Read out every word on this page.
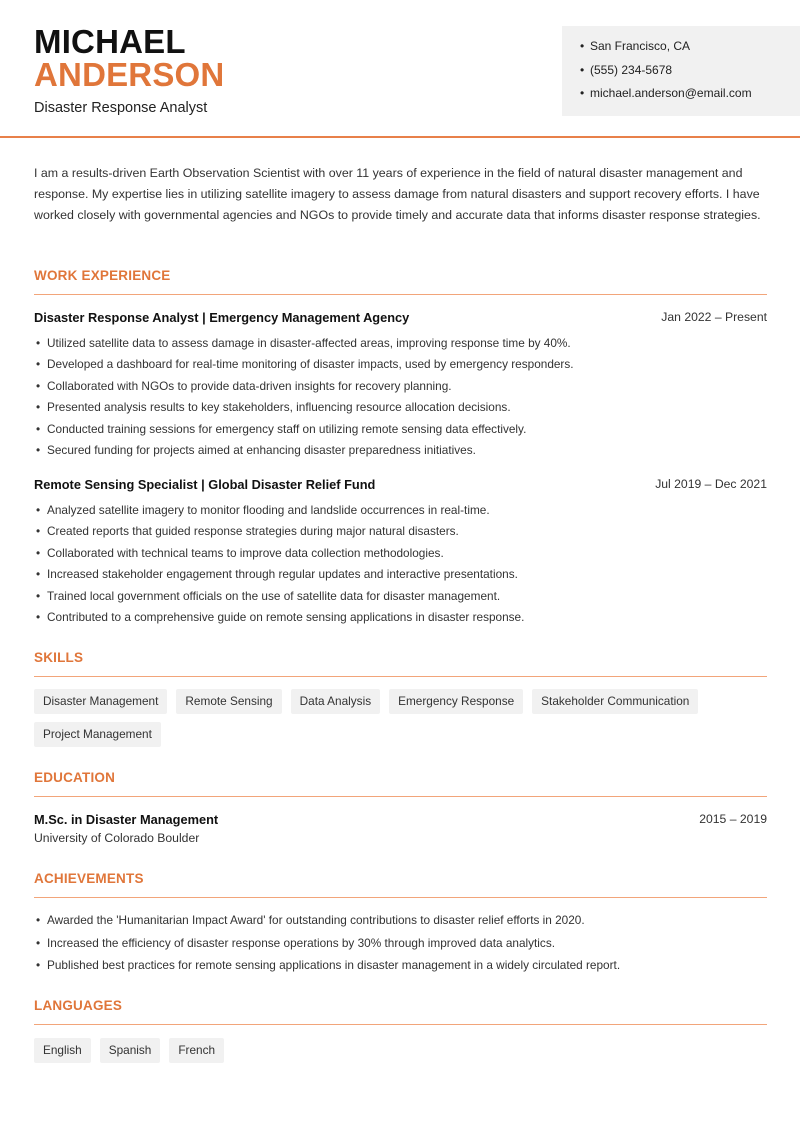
MICHAEL
ANDERSON
Disaster Response Analyst
• San Francisco, CA
• (555) 234-5678
• michael.anderson@email.com
I am a results-driven Earth Observation Scientist with over 11 years of experience in the field of natural disaster management and response. My expertise lies in utilizing satellite imagery to assess damage from natural disasters and support recovery efforts. I have worked closely with governmental agencies and NGOs to provide timely and accurate data that informs disaster response strategies.
WORK EXPERIENCE
Disaster Response Analyst | Emergency Management Agency	Jan 2022 – Present
• Utilized satellite data to assess damage in disaster-affected areas, improving response time by 40%.
• Developed a dashboard for real-time monitoring of disaster impacts, used by emergency responders.
• Collaborated with NGOs to provide data-driven insights for recovery planning.
• Presented analysis results to key stakeholders, influencing resource allocation decisions.
• Conducted training sessions for emergency staff on utilizing remote sensing data effectively.
• Secured funding for projects aimed at enhancing disaster preparedness initiatives.
Remote Sensing Specialist | Global Disaster Relief Fund	Jul 2019 – Dec 2021
• Analyzed satellite imagery to monitor flooding and landslide occurrences in real-time.
• Created reports that guided response strategies during major natural disasters.
• Collaborated with technical teams to improve data collection methodologies.
• Increased stakeholder engagement through regular updates and interactive presentations.
• Trained local government officials on the use of satellite data for disaster management.
• Contributed to a comprehensive guide on remote sensing applications in disaster response.
SKILLS
Disaster Management	Remote Sensing	Data Analysis	Emergency Response	Stakeholder Communication
Project Management
EDUCATION
M.Sc. in Disaster Management	2015 – 2019
University of Colorado Boulder
ACHIEVEMENTS
• Awarded the 'Humanitarian Impact Award' for outstanding contributions to disaster relief efforts in 2020.
• Increased the efficiency of disaster response operations by 30% through improved data analytics.
• Published best practices for remote sensing applications in disaster management in a widely circulated report.
LANGUAGES
English	Spanish	French
